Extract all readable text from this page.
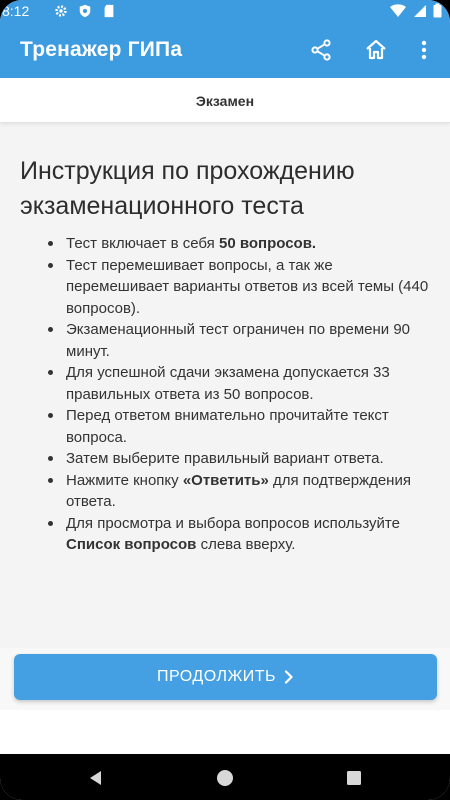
8:12
Тренажер ГИПа
Экзамен
Инструкция по прохождению экзаменационного теста
Тест включает в себя 50 вопросов.
Тест перемешивает вопросы, а так же перемешивает варианты ответов из всей темы (440 вопросов).
Экзаменационный тест ограничен по времени 90 минут.
Для успешной сдачи экзамена допускается 33 правильных ответа из 50 вопросов.
Перед ответом внимательно прочитайте текст вопроса.
Затем выберите правильный вариант ответа.
Нажмите кнопку «Ответить» для подтверждения ответа.
Для просмотра и выбора вопросов используйте Список вопросов слева вверху.
ПРОДОЛЖИТЬ
